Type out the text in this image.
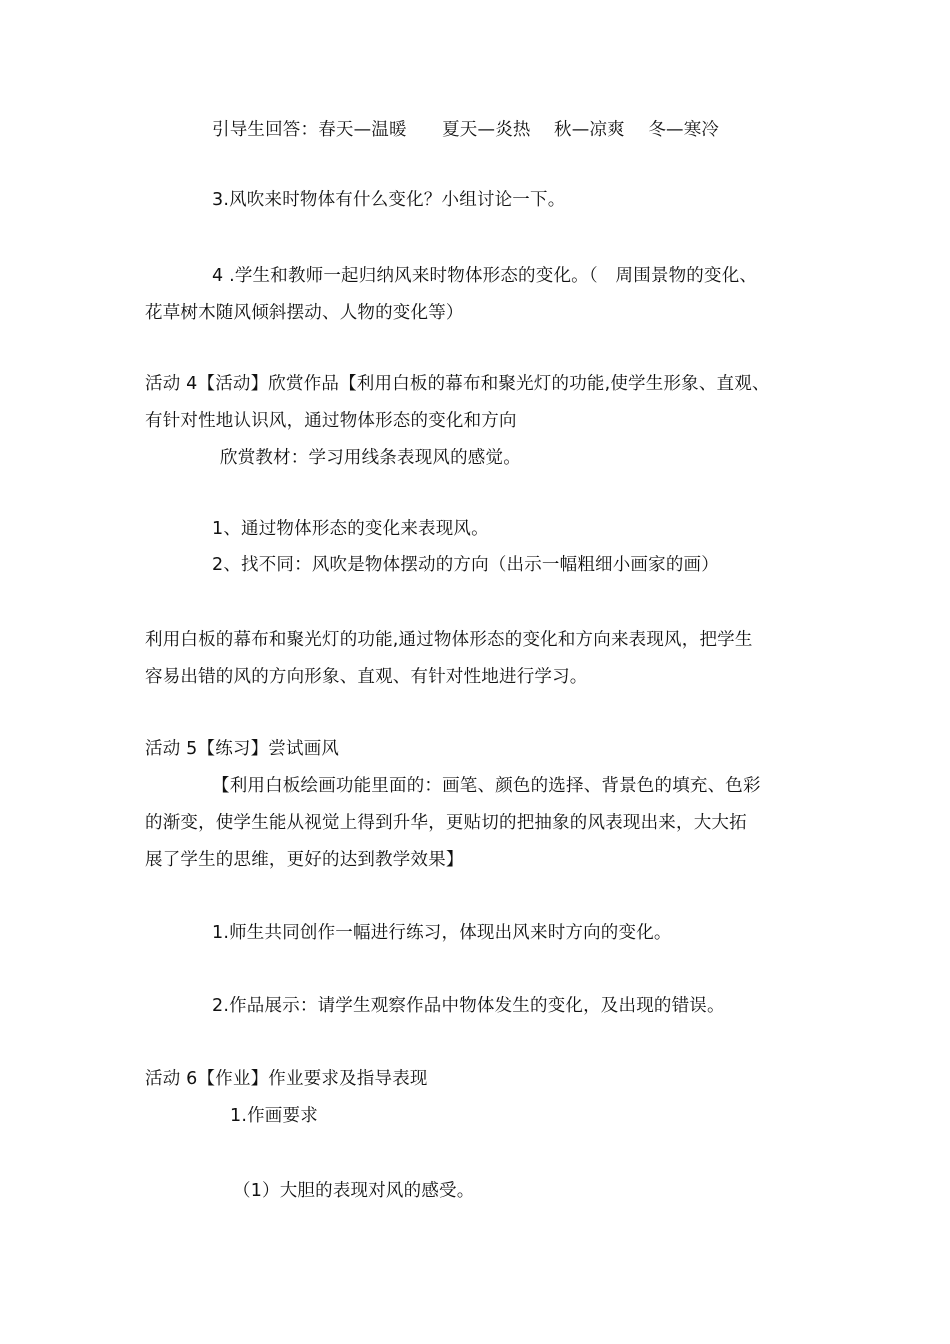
引导生回答：春天—温暖　　夏天—炎热　 秋—凉爽　 冬—寒冷
3.风吹来时物体有什么变化？小组讨论一下。
4 .学生和教师一起归纳风来时物体形态的变化。（　周围景物的变化、
花草树木随风倾斜摆动、人物的变化等）
活动 4【活动】欣赏作品【利用白板的幕布和聚光灯的功能,使学生形象、直观、
有针对性地认识风，通过物体形态的变化和方向
欣赏教材：学习用线条表现风的感觉。
1、通过物体形态的变化来表现风。
2、找不同：风吹是物体摆动的方向（出示一幅粗细小画家的画）
利用白板的幕布和聚光灯的功能,通过物体形态的变化和方向来表现风，把学生
容易出错的风的方向形象、直观、有针对性地进行学习。
活动 5【练习】尝试画风
【利用白板绘画功能里面的：画笔、颜色的选择、背景色的填充、色彩
的渐变，使学生能从视觉上得到升华，更贴切的把抽象的风表现出来，大大拓
展了学生的思维，更好的达到教学效果】
1.师生共同创作一幅进行练习，体现出风来时方向的变化。
2.作品展示：请学生观察作品中物体发生的变化，及出现的错误。
活动 6【作业】作业要求及指导表现
1.作画要求
（1）大胆的表现对风的感受。
